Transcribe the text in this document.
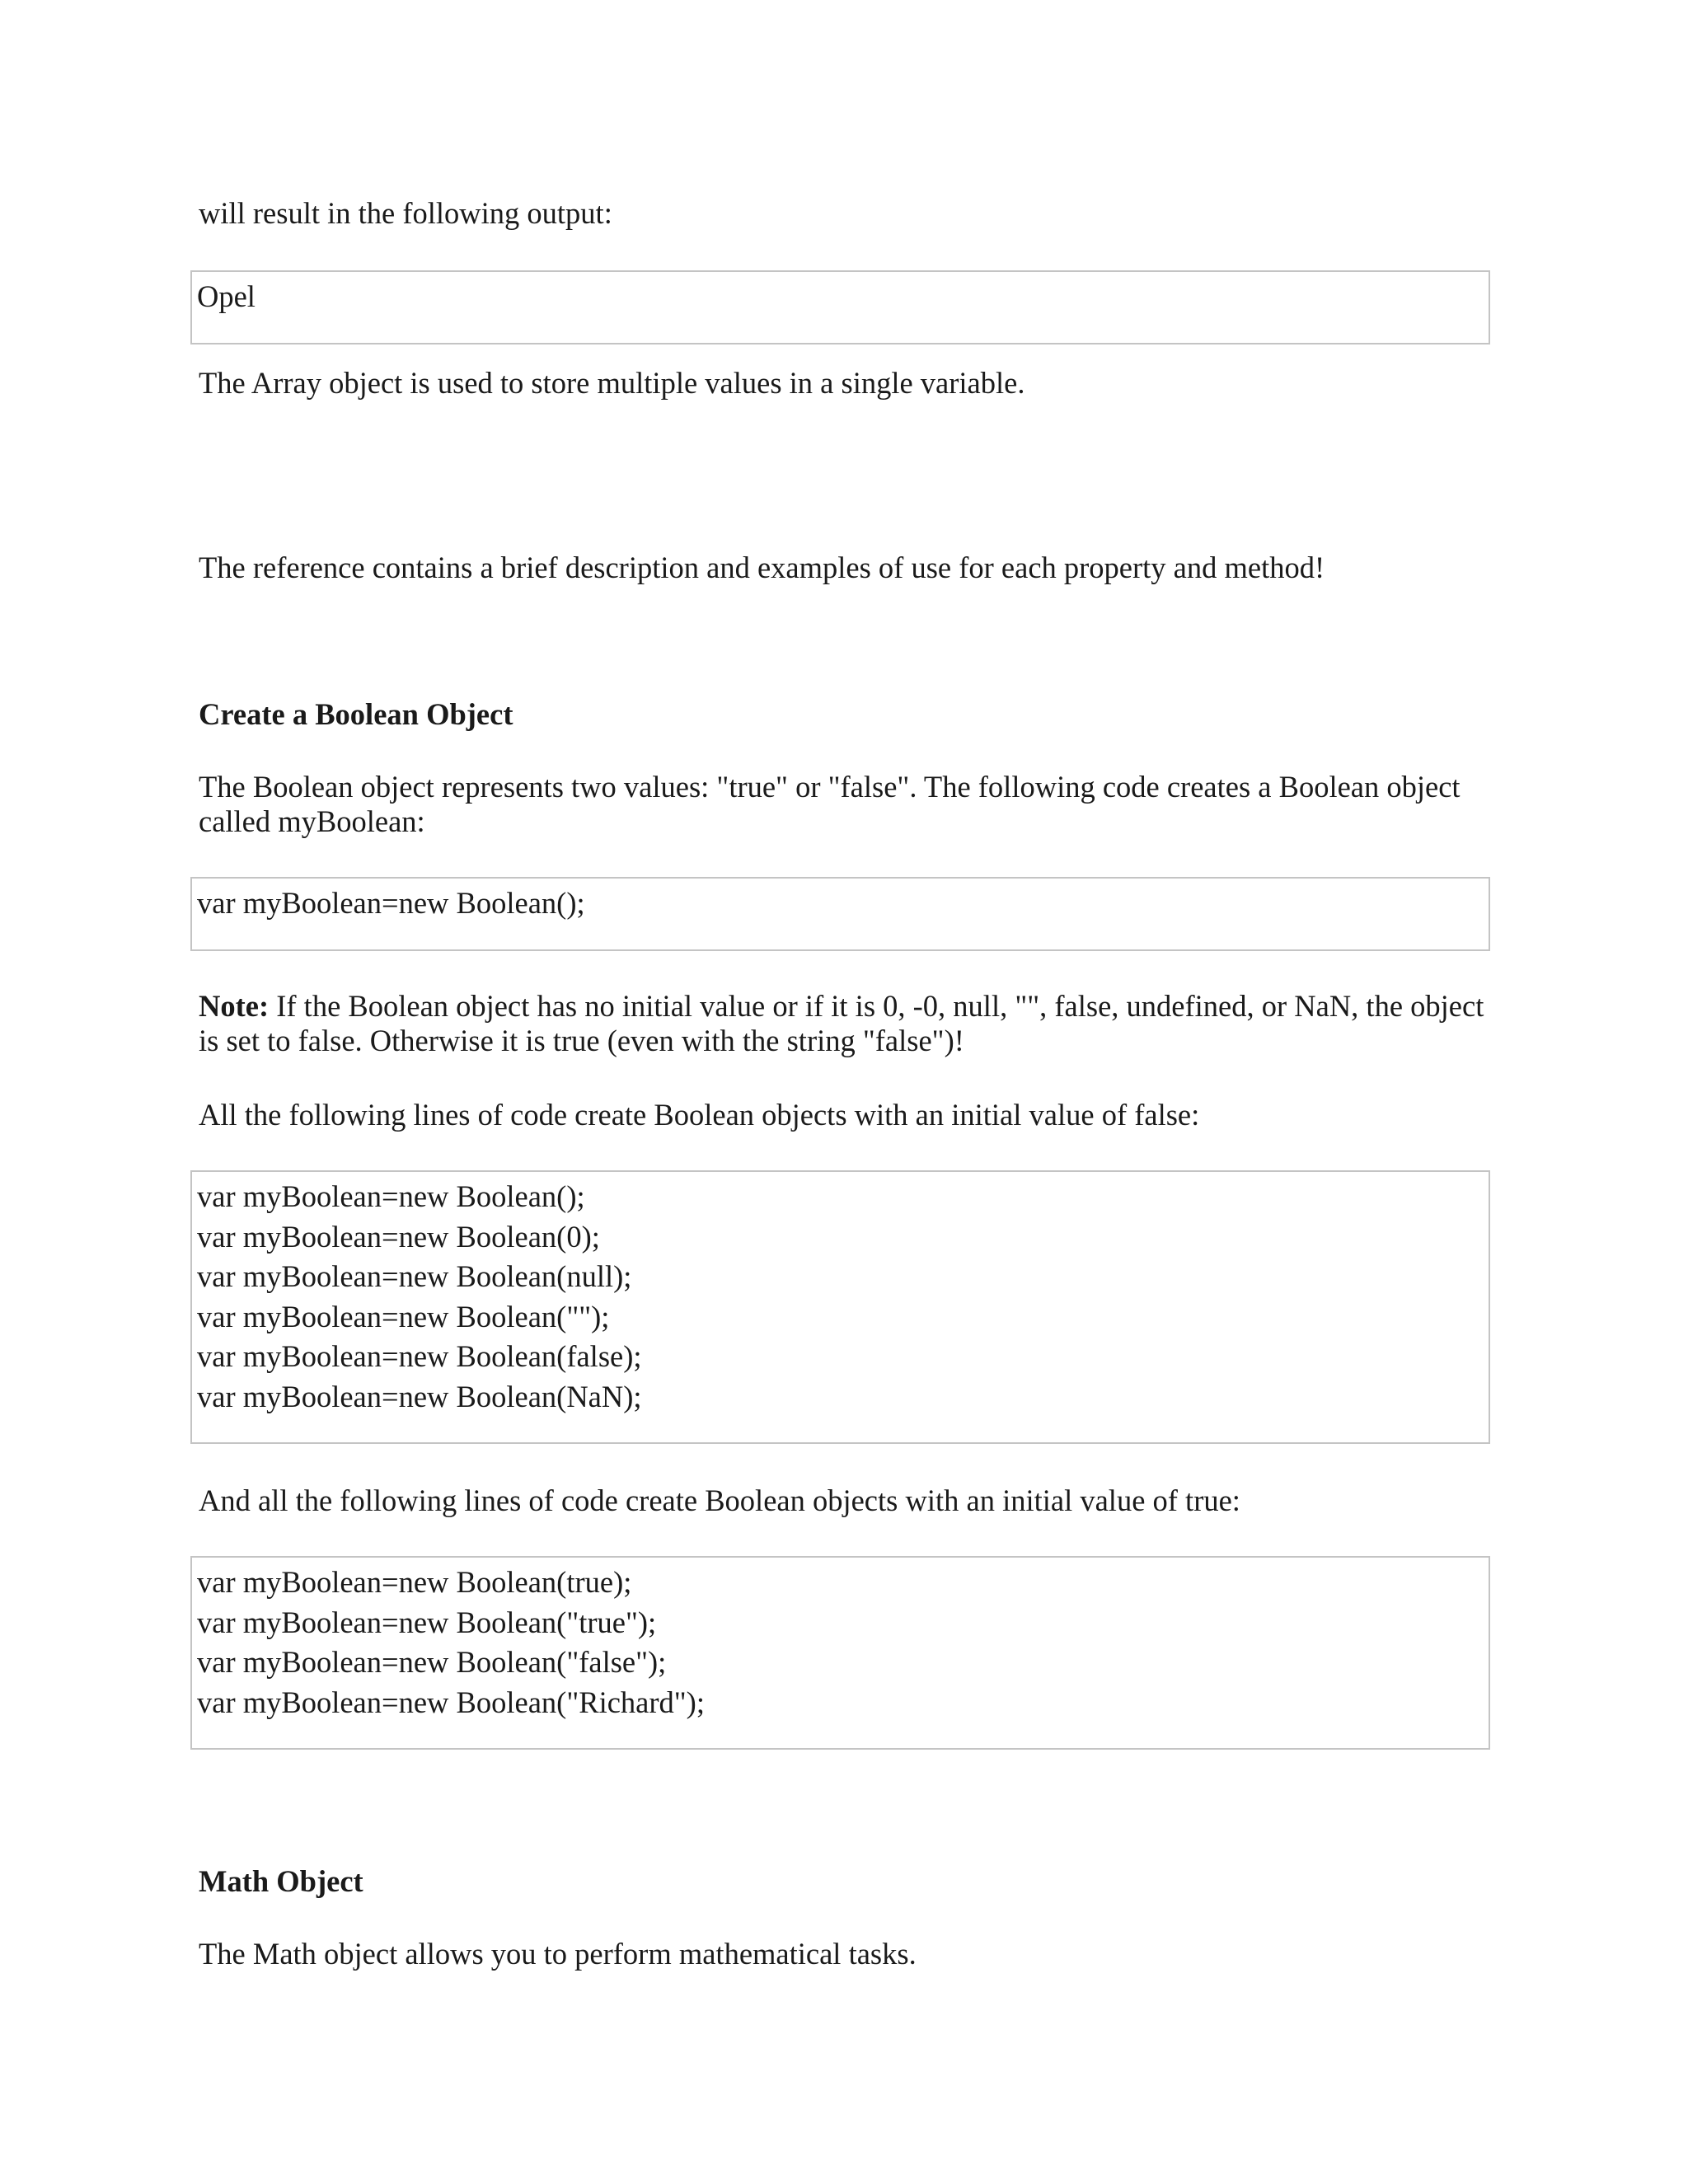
will result in the following output:
Opel
The Array object is used to store multiple values in a single variable.
The reference contains a brief description and examples of use for each property and method!
Create a Boolean Object
The Boolean object represents two values: "true" or "false". The following code creates a Boolean object called myBoolean:
var myBoolean=new Boolean();
Note: If the Boolean object has no initial value or if it is 0, -0, null, "", false, undefined, or NaN, the object is set to false. Otherwise it is true (even with the string "false")!
All the following lines of code create Boolean objects with an initial value of false:
var myBoolean=new Boolean();
var myBoolean=new Boolean(0);
var myBoolean=new Boolean(null);
var myBoolean=new Boolean("");
var myBoolean=new Boolean(false);
var myBoolean=new Boolean(NaN);
And all the following lines of code create Boolean objects with an initial value of true:
var myBoolean=new Boolean(true);
var myBoolean=new Boolean("true");
var myBoolean=new Boolean("false");
var myBoolean=new Boolean("Richard");
Math Object
The Math object allows you to perform mathematical tasks.
